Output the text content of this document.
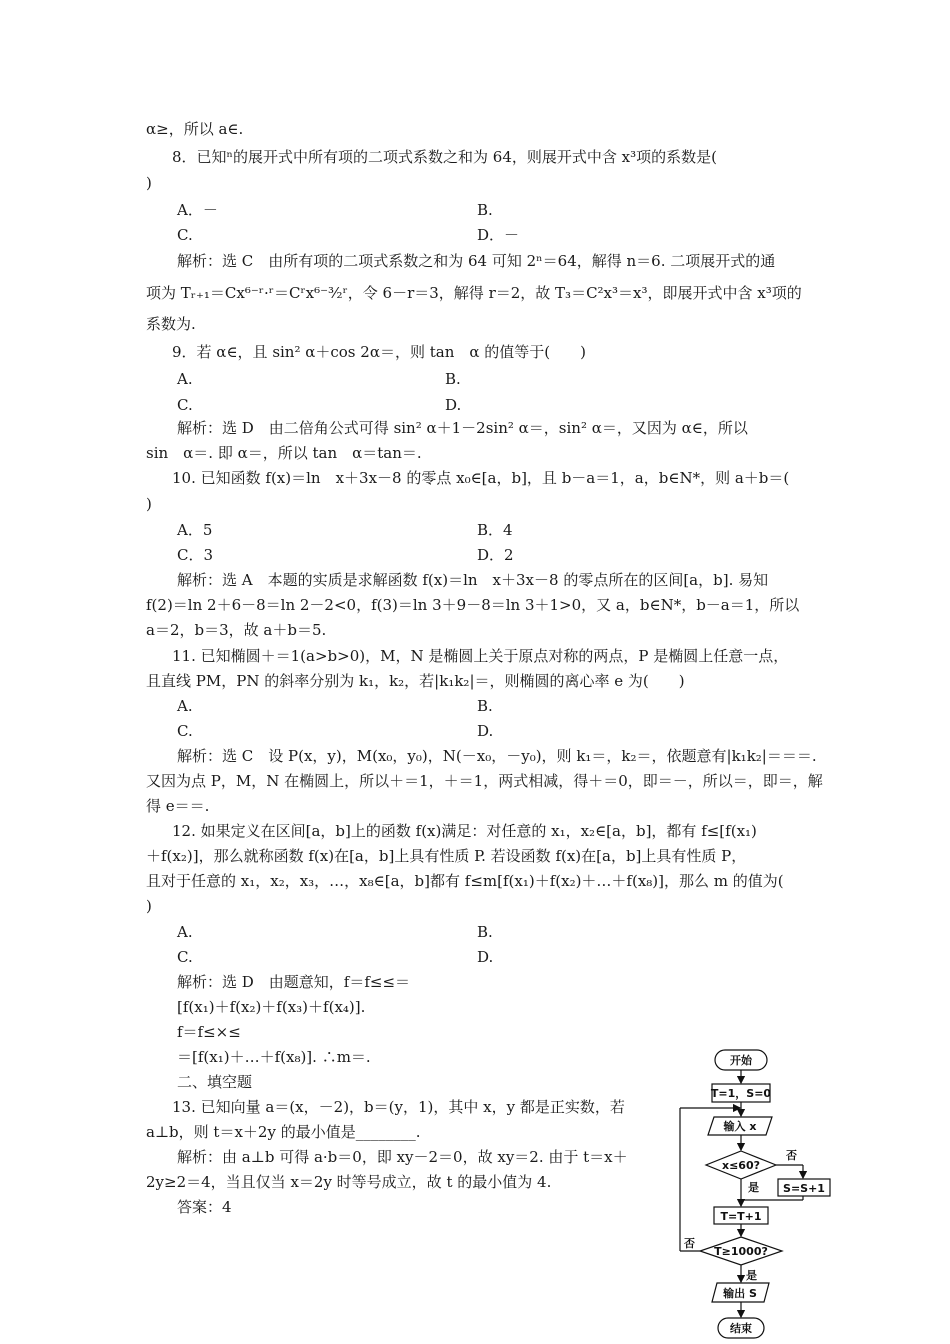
α≥，所以 a∈.
8．已知ⁿ的展开式中所有项的二项式系数之和为 64，则展开式中含 x³项的系数是(
)
A．－	B.
C.	D．－
解析：选 C　由所有项的二项式系数之和为 64 可知 2ⁿ＝64，解得 n＝6. 二项展开式的通
项为 Tᵣ₊₁＝Cx⁶⁻ʳ·ʳ＝Cʳx⁶⁻³⁄₂ʳ，令 6－r＝3，解得 r＝2，故 T₃＝C²x³＝x³，即展开式中含 x³项的
系数为.
9．若 α∈，且 sin² α＋cos 2α＝，则 tan　α 的值等于(　　)
A.	B.
C.	D.
解析：选 D　由二倍角公式可得 sin² α＋1－2sin² α＝，sin² α＝，又因为 α∈，所以
sin　α＝. 即 α＝，所以 tan　α＝tan＝.
10. 已知函数 f(x)＝ln　x＋3x－8 的零点 x₀∈[a，b]，且 b－a＝1，a，b∈N*，则 a＋b＝(
)
A．5	B．4
C．3	D．2
解析：选 A　本题的实质是求解函数 f(x)＝ln　x＋3x－8 的零点所在的区间[a，b]. 易知
f(2)＝ln 2＋6－8＝ln 2－2<0，f(3)＝ln 3＋9－8＝ln 3＋1>0，又 a，b∈N*，b－a＝1，所以
a＝2，b＝3，故 a＋b＝5.
11. 已知椭圆＋＝1(a>b>0)，M，N 是椭圆上关于原点对称的两点，P 是椭圆上任意一点，
且直线 PM，PN 的斜率分别为 k₁，k₂，若|k₁k₂|＝，则椭圆的离心率 e 为(　　)
A.	B.
C.	D.
解析：选 C　设 P(x，y)，M(x₀，y₀)，N(－x₀，－y₀)，则 k₁＝，k₂＝，依题意有|k₁k₂|＝＝＝.
又因为点 P，M，N 在椭圆上，所以＋＝1，＋＝1，两式相减，得＋＝0，即＝－，所以＝，即＝，解
得 e＝＝.
12. 如果定义在区间[a，b]上的函数 f(x)满足：对任意的 x₁，x₂∈[a，b]，都有 f≤[f(x₁)
＋f(x₂)]，那么就称函数 f(x)在[a，b]上具有性质 P. 若设函数 f(x)在[a，b]上具有性质 P，
且对于任意的 x₁，x₂，x₃，…，x₈∈[a，b]都有 f≤m[f(x₁)＋f(x₂)＋…＋f(x₈)]，那么 m 的值为(
)
A.	B.
C.	D.
解析：选 D　由题意知，f＝f≤≤＝
[f(x₁)＋f(x₂)＋f(x₃)＋f(x₄)].
f＝f≤×≤
＝[f(x₁)＋…＋f(x₈)]. ∴m＝.
二、填空题
13. 已知向量 a＝(x，－2)，b＝(y，1)，其中 x，y 都是正实数，若
a⊥b，则 t＝x＋2y 的最小值是________.
解析：由 a⊥b 可得 a·b＝0，即 xy－2＝0，故 xy＝2. 由于 t＝x＋
2y≥2＝4，当且仅当 x＝2y 时等号成立，故 t 的最小值为 4.
答案：4
开始
T=1，S=0
输入 x
x≤60?
否
是 S=S+1
T=T+1
T≥1000?
否
是
输出 S
结束
